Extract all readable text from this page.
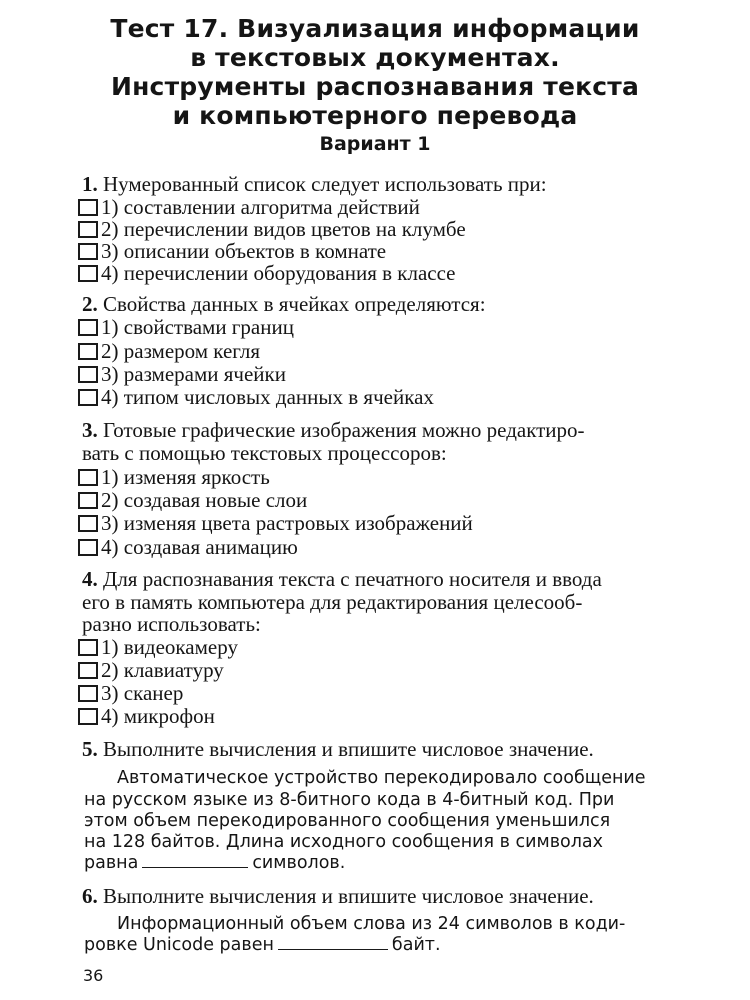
Тест 17. Визуализация информации
в текстовых документах.
Инструменты распознавания текста
и компьютерного перевода
Вариант 1
1. Нумерованный список следует использовать при:
1) составлении алгоритма действий
2) перечислении видов цветов на клумбе
3) описании объектов в комнате
4) перечислении оборудования в классе
2. Свойства данных в ячейках определяются:
1) свойствами границ
2) размером кегля
3) размерами ячейки
4) типом числовых данных в ячейках
3. Готовые графические изображения можно редактиро-
вать с помощью текстовых процессоров:
1) изменяя яркость
2) создавая новые слои
3) изменяя цвета растровых изображений
4) создавая анимацию
4. Для распознавания текста с печатного носителя и ввода
его в память компьютера для редактирования целесооб-
разно использовать:
1) видеокамеру
2) клавиатуру
3) сканер
4) микрофон
5. Выполните вычисления и впишите числовое значение.
Автоматическое устройство перекодировало сообщение
на русском языке из 8-битного кода в 4-битный код. При
этом объем перекодированного сообщения уменьшился
на 128 байтов. Длина исходного сообщения в символах
равна	символов.
6. Выполните вычисления и впишите числовое значение.
Информационный объем слова из 24 символов в коди-
ровке Unicode равен	байт.
36
